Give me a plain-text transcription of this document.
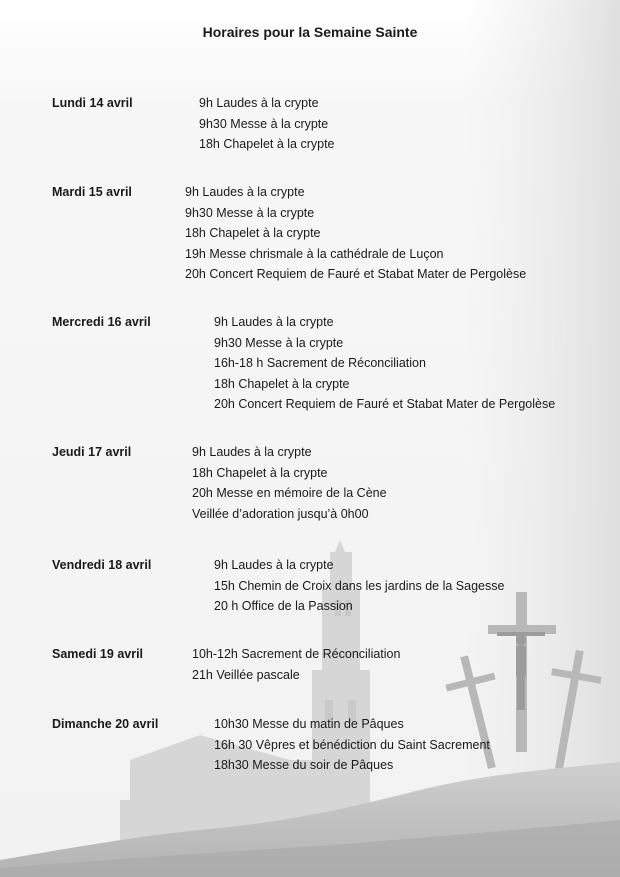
Horaires pour la Semaine Sainte
Lundi 14 avril	9h Laudes à la crypte
9h30 Messe à la crypte
18h Chapelet à la crypte
Mardi 15 avril	9h Laudes à la crypte
9h30 Messe à la crypte
18h Chapelet à la crypte
19h Messe chrismale à la cathédrale de Luçon
20h Concert Requiem de Fauré et Stabat Mater de Pergolèse
Mercredi 16 avril	9h Laudes à la crypte
9h30 Messe à la crypte
16h-18 h Sacrement de Réconciliation
18h Chapelet à la crypte
20h Concert Requiem de Fauré et Stabat Mater de Pergolèse
Jeudi 17 avril	9h Laudes à la crypte
18h Chapelet à la crypte
20h Messe en mémoire de la Cène
Veillée d’adoration jusqu’à 0h00
Vendredi 18 avril	9h Laudes à la crypte
15h Chemin de Croix dans les jardins de la Sagesse
20 h Office de la Passion
Samedi 19 avril	10h-12h Sacrement de Réconciliation
21h Veillée pascale
Dimanche 20 avril	10h30 Messe du matin de Pâques
16h 30 Vêpres et bénédiction du Saint Sacrement
18h30 Messe du soir de Pâques
